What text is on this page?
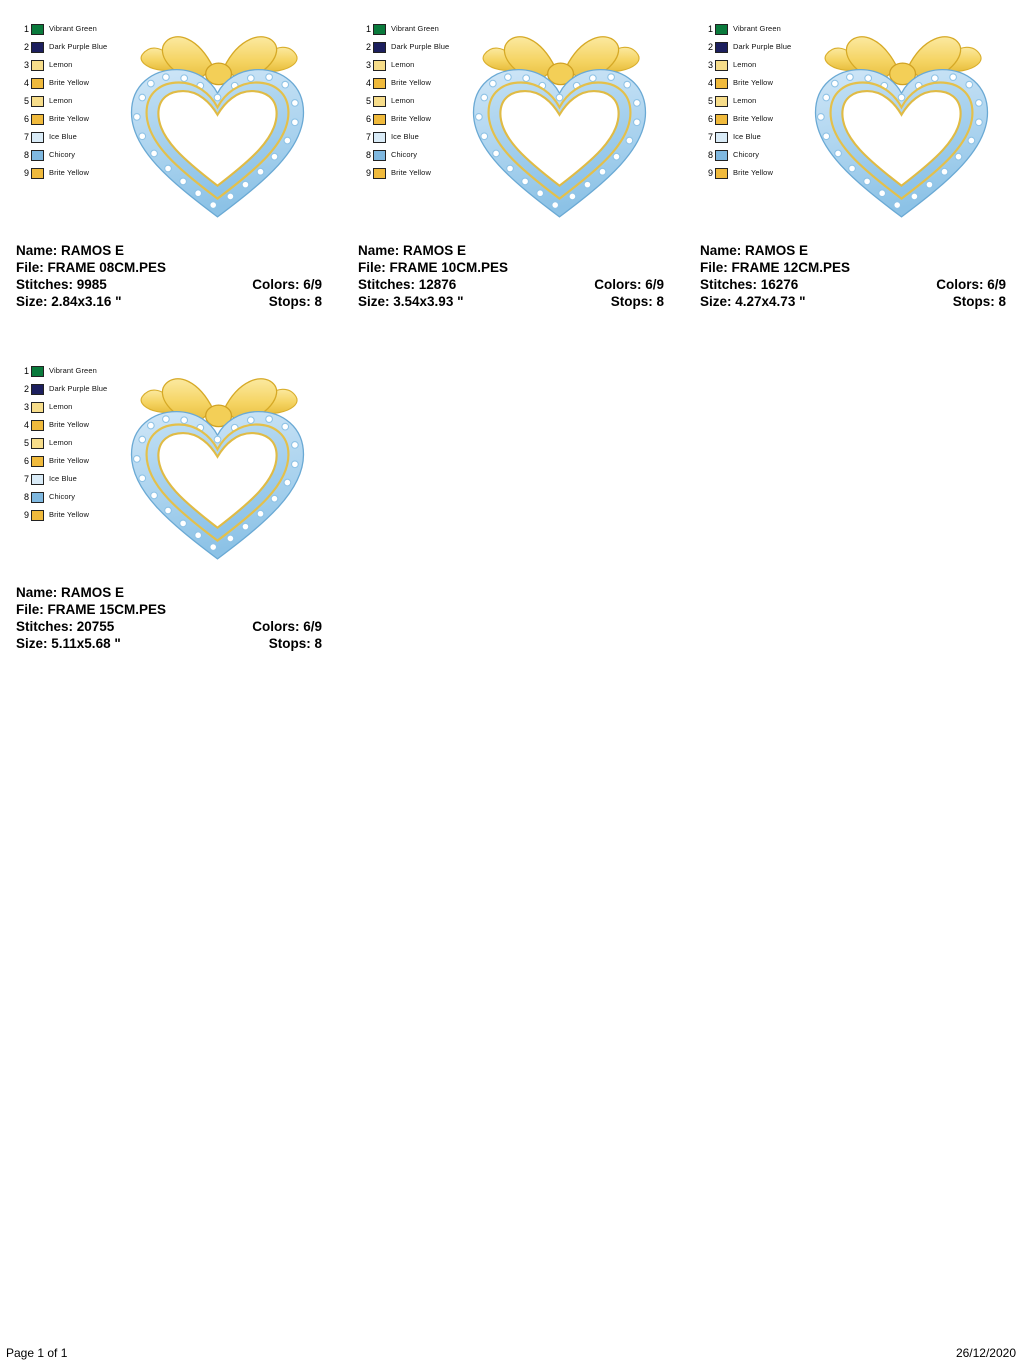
1	Vibrant Green
2	Dark Purple Blue
3	Lemon
4	Brite Yellow
5	Lemon
6	Brite Yellow
7	Ice Blue
8	Chicory
9	Brite Yellow
Name: RAMOS E
File: FRAME 08CM.PES
Stitches: 9985	Colors: 6/9
Size: 2.84x3.16 "	Stops: 8
1	Vibrant Green
2	Dark Purple Blue
3	Lemon
4	Brite Yellow
5	Lemon
6	Brite Yellow
7	Ice Blue
8	Chicory
9	Brite Yellow
Name: RAMOS E
File: FRAME 10CM.PES
Stitches: 12876	Colors: 6/9
Size: 3.54x3.93 "	Stops: 8
1	Vibrant Green
2	Dark Purple Blue
3	Lemon
4	Brite Yellow
5	Lemon
6	Brite Yellow
7	Ice Blue
8	Chicory
9	Brite Yellow
Name: RAMOS E
File: FRAME 12CM.PES
Stitches: 16276	Colors: 6/9
Size: 4.27x4.73 "	Stops: 8
1	Vibrant Green
2	Dark Purple Blue
3	Lemon
4	Brite Yellow
5	Lemon
6	Brite Yellow
7	Ice Blue
8	Chicory
9	Brite Yellow
Name: RAMOS E
File: FRAME 15CM.PES
Stitches: 20755	Colors: 6/9
Size: 5.11x5.68 "	Stops: 8
Page 1 of 1	26/12/2020
